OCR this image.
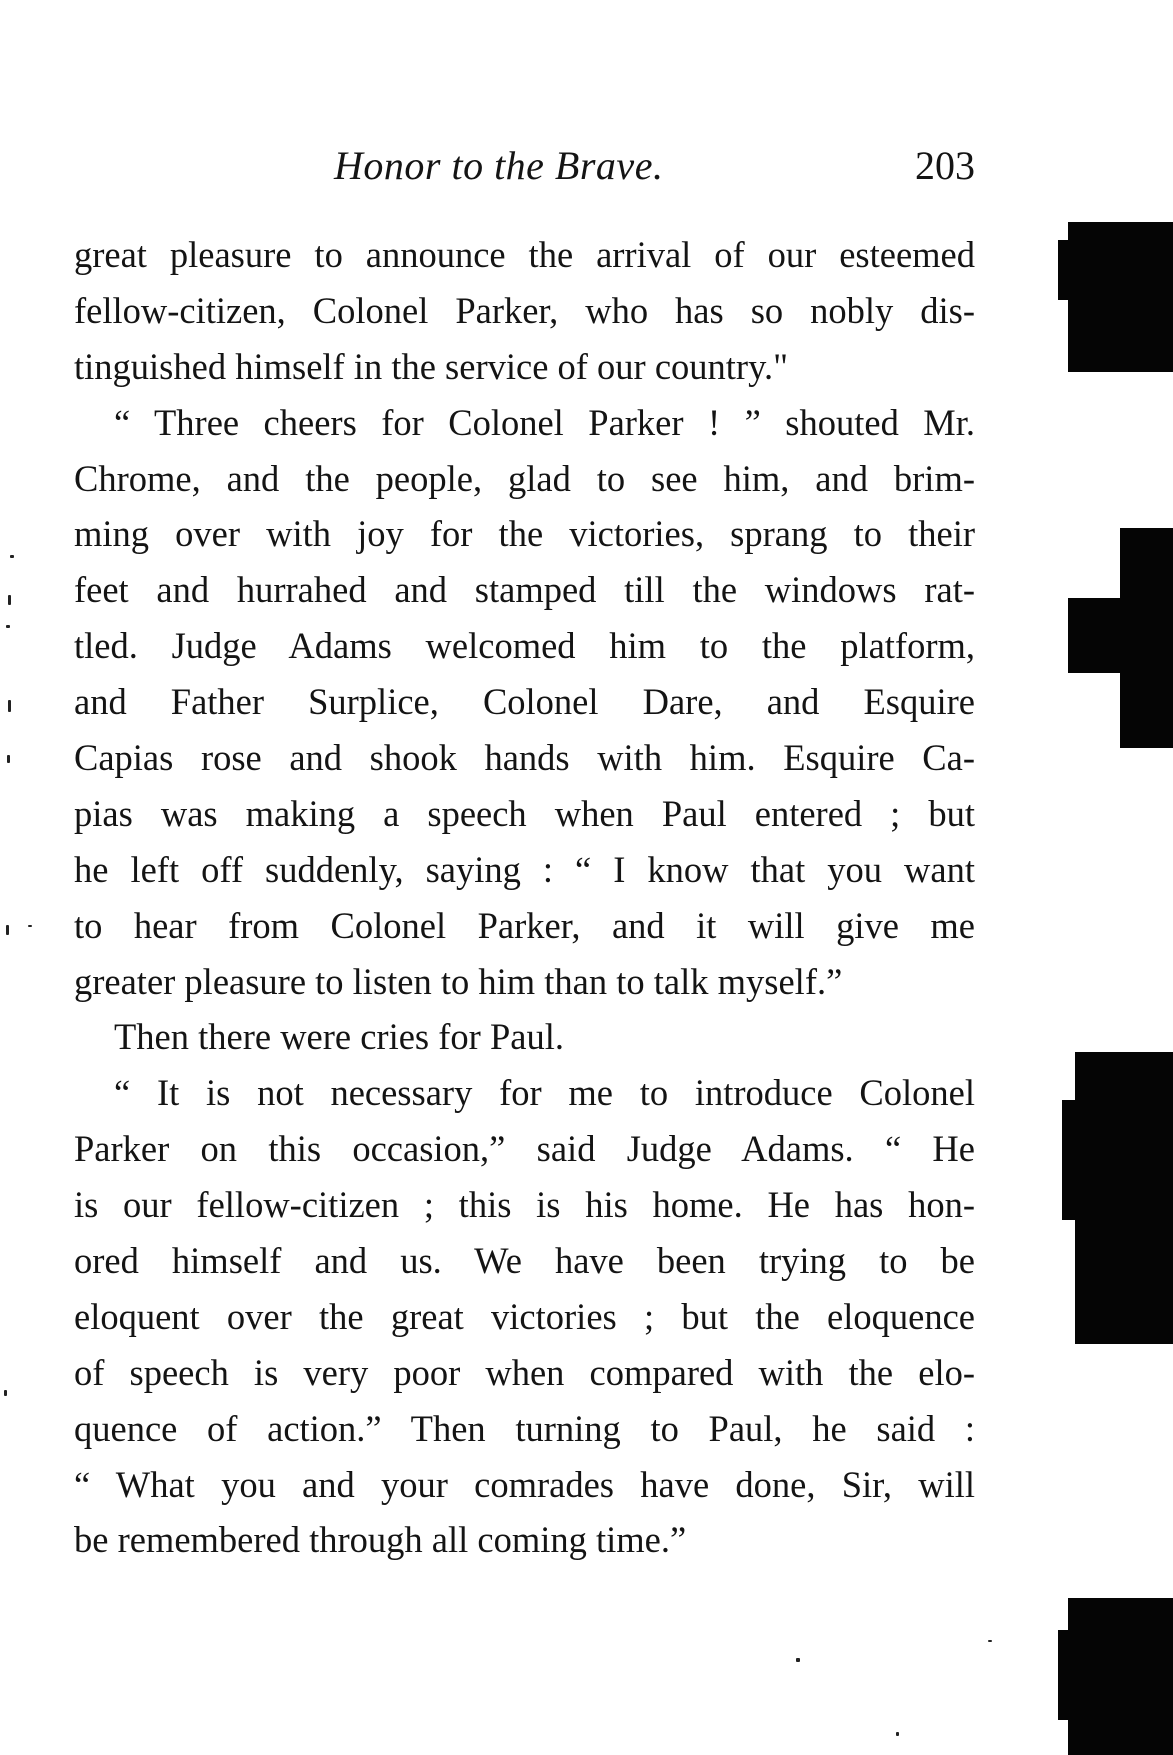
Honor to the Brave.	203
great pleasure to announce the arrival of our esteemed
fellow-citizen, Colonel Parker, who has so nobly dis-
tinguished himself in the service of our country."
“ Three cheers for Colonel Parker ! ” shouted Mr.
Chrome, and the people, glad to see him, and brim-
ming over with joy for the victories, sprang to their
feet and hurrahed and stamped till the windows rat-
tled. Judge Adams welcomed him to the platform,
and Father Surplice, Colonel Dare, and Esquire
Capias rose and shook hands with him. Esquire Ca-
pias was making a speech when Paul entered ; but
he left off suddenly, saying : “ I know that you want
to hear from Colonel Parker, and it will give me
greater pleasure to listen to him than to talk myself.”
Then there were cries for Paul.
“ It is not necessary for me to introduce Colonel
Parker on this occasion,” said Judge Adams. “ He
is our fellow-citizen ; this is his home. He has hon-
ored himself and us. We have been trying to be
eloquent over the great victories ; but the eloquence
of speech is very poor when compared with the elo-
quence of action.” Then turning to Paul, he said :
“ What you and your comrades have done, Sir, will
be remembered through all coming time.”
